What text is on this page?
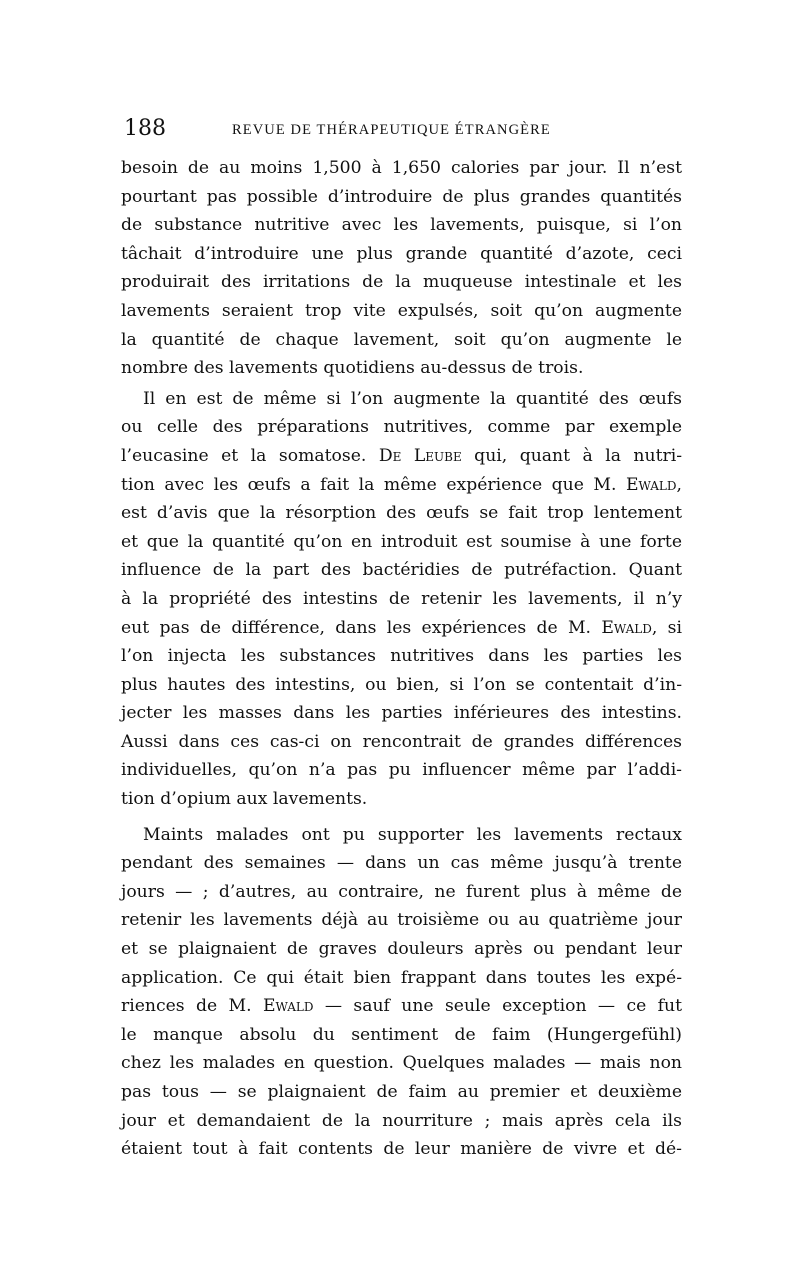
188	REVUE DE THÉRAPEUTIQUE ÉTRANGÈRE
besoin de au moins 1,500 à 1,650 calories par jour. Il n’est
pourtant pas possible d’introduire de plus grandes quantités
de substance nutritive avec les lavements, puisque, si l’on
tâchait d’introduire une plus grande quantité d’azote, ceci
produirait des irritations de la muqueuse intestinale et les
lavements seraient trop vite expulsés, soit qu’on augmente
la quantité de chaque lavement, soit qu’on augmente le
nombre des lavements quotidiens au-dessus de trois.
Il en est de même si l’on augmente la quantité des œufs
ou celle des préparations nutritives, comme par exemple
l’eucasine et la somatose. De Leube qui, quant à la nutri-
tion avec les œufs a fait la même expérience que M. Ewald,
est d’avis que la résorption des œufs se fait trop lentement
et que la quantité qu’on en introduit est soumise à une forte
influence de la part des bactéridies de putréfaction. Quant
à la propriété des intestins de retenir les lavements, il n’y
eut pas de différence, dans les expériences de M. Ewald, si
l’on injecta les substances nutritives dans les parties les
plus hautes des intestins, ou bien, si l’on se contentait d’in-
jecter les masses dans les parties inférieures des intestins.
Aussi dans ces cas-ci on rencontrait de grandes différences
individuelles, qu’on n’a pas pu influencer même par l’addi-
tion d’opium aux lavements.
Maints malades ont pu supporter les lavements rectaux
pendant des semaines — dans un cas même jusqu’à trente
jours — ; d’autres, au contraire, ne furent plus à même de
retenir les lavements déjà au troisième ou au quatrième jour
et se plaignaient de graves douleurs après ou pendant leur
application. Ce qui était bien frappant dans toutes les expé-
riences de M. Ewald — sauf une seule exception — ce fut
le manque absolu du sentiment de faim (Hungergefühl)
chez les malades en question. Quelques malades — mais non
pas tous — se plaignaient de faim au premier et deuxième
jour et demandaient de la nourriture ; mais après cela ils
étaient tout à fait contents de leur manière de vivre et dé-
